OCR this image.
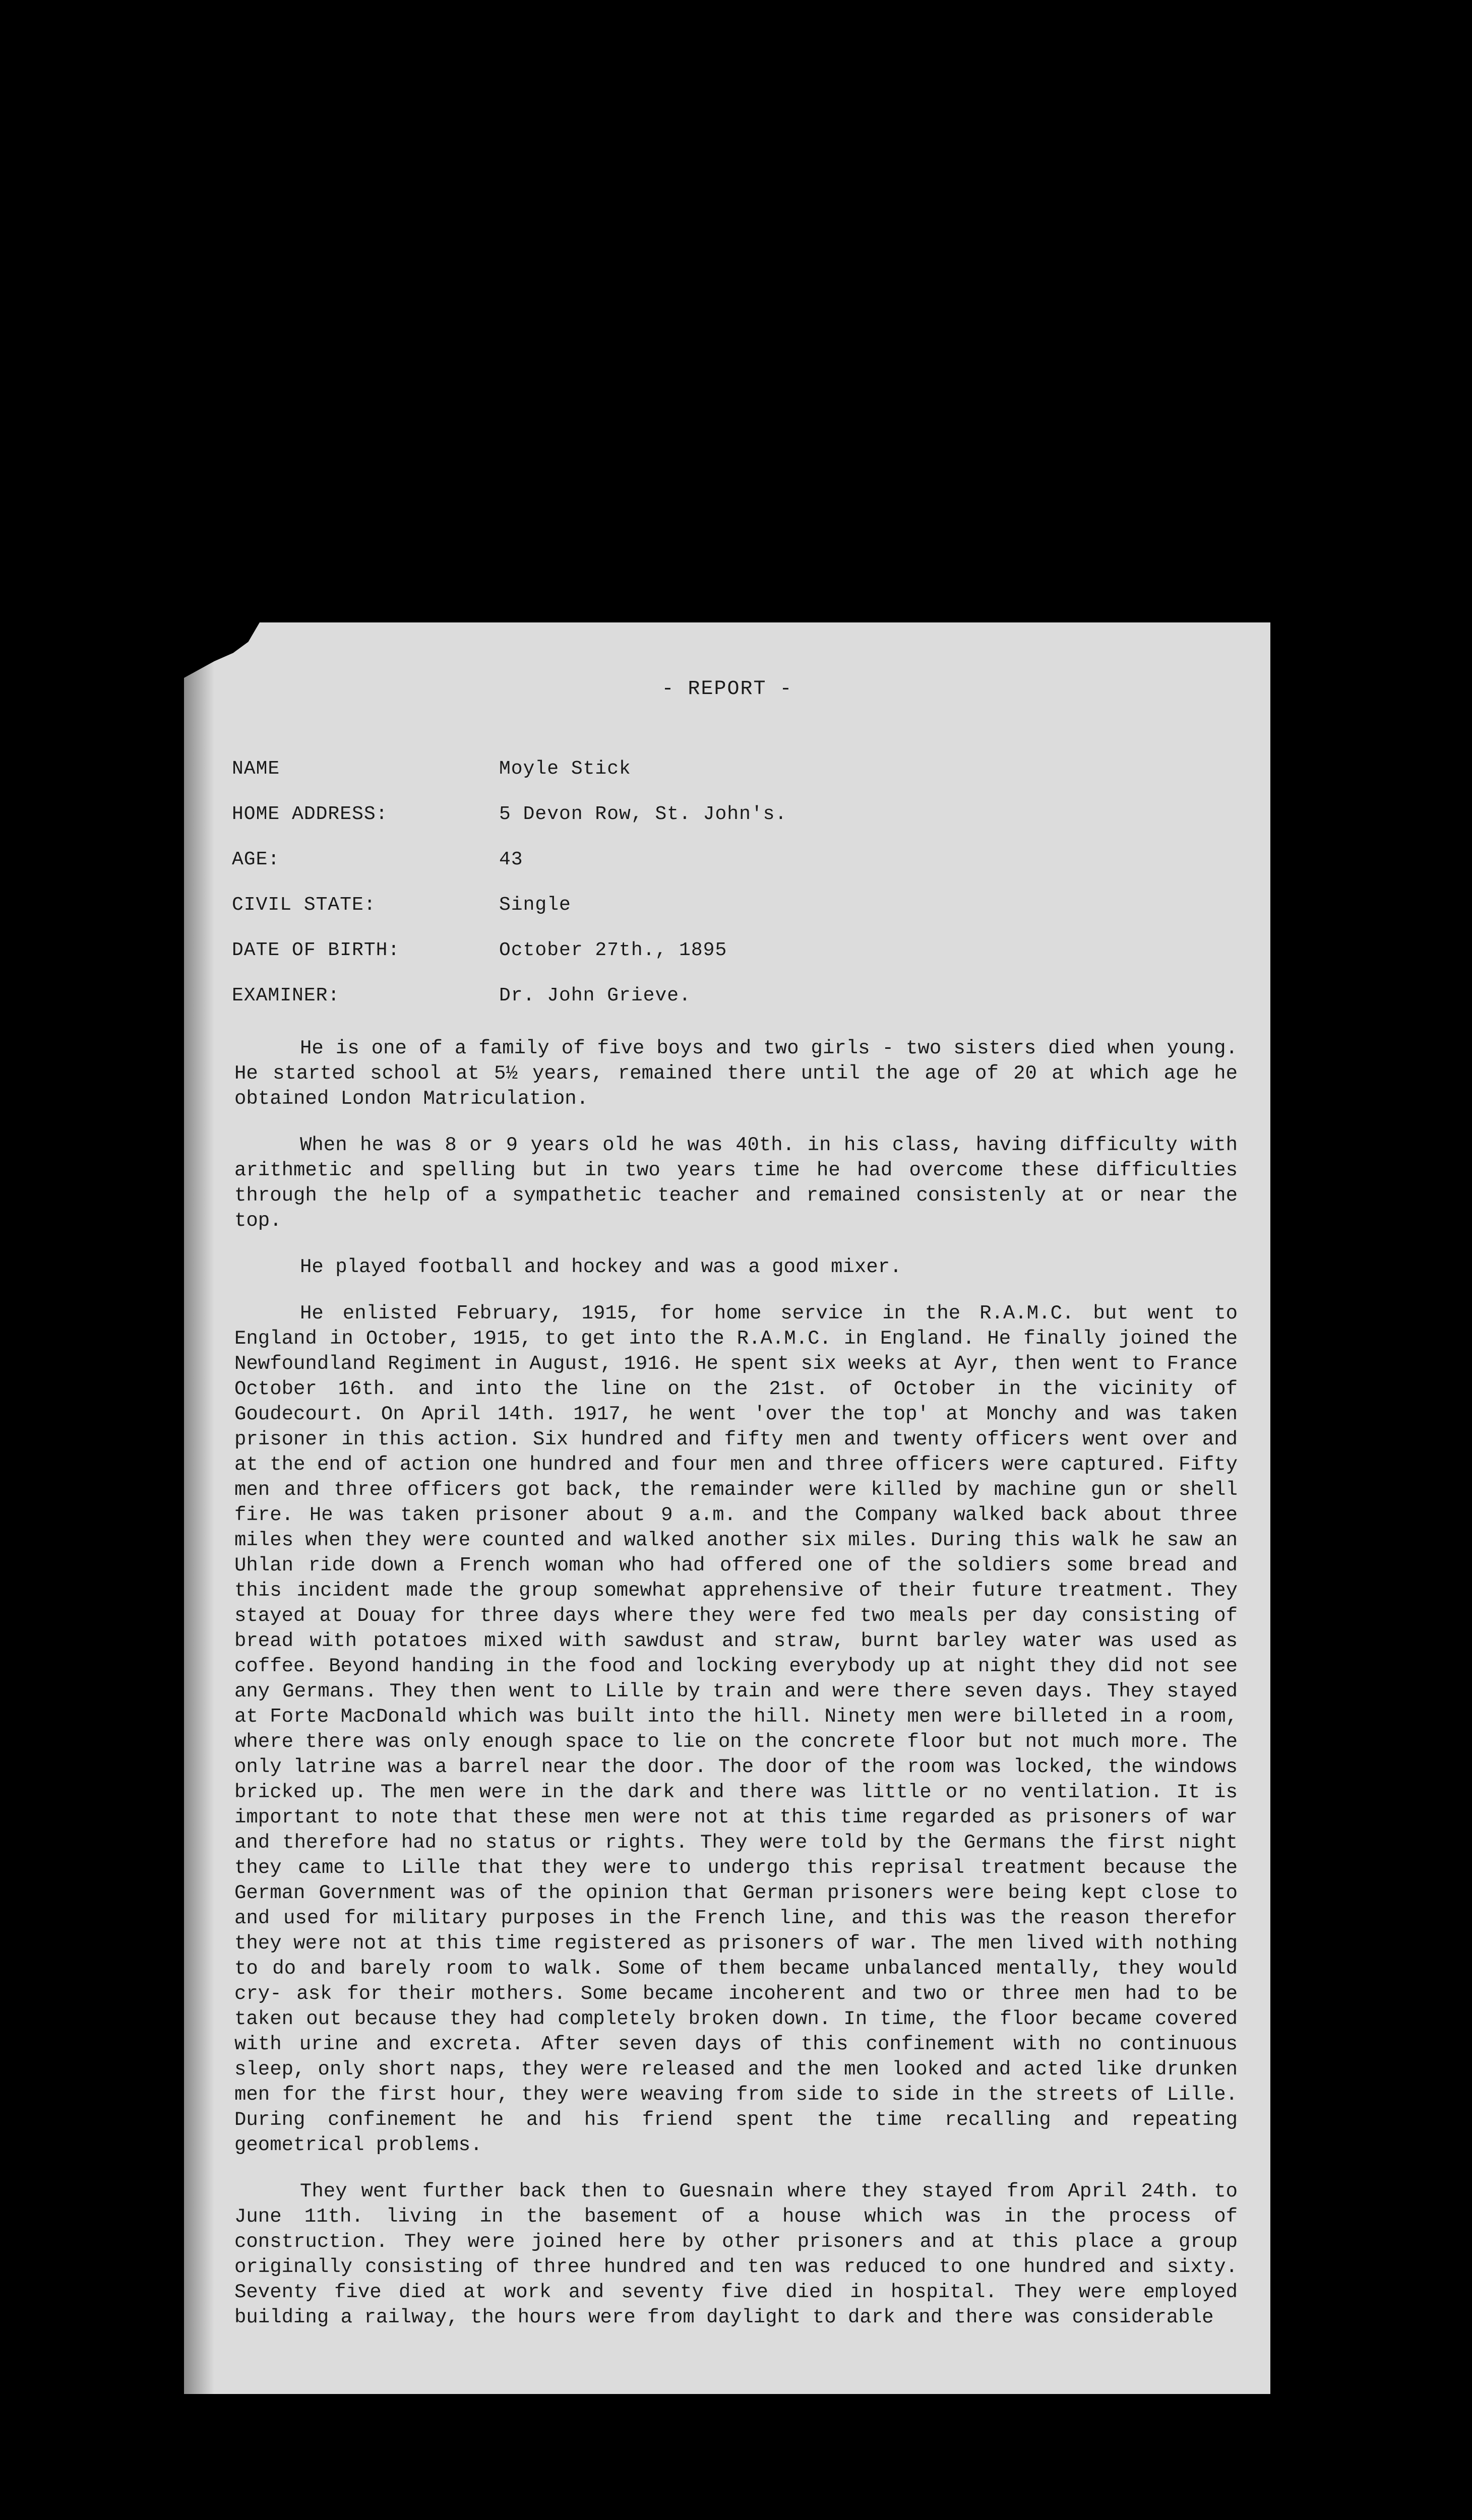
- REPORT -
NAME	Moyle Stick
HOME ADDRESS:	5 Devon Row, St. John's.
AGE:	43
CIVIL STATE:	Single
DATE OF BIRTH:	October 27th., 1895
EXAMINER:	Dr. John Grieve.

He is one of a family of five boys and two girls - two sisters died when young. He started school at 5½ years, remained there until the age of 20 at which age he obtained London Matriculation.

When he was 8 or 9 years old he was 40th. in his class, having difficulty with arithmetic and spelling but in two years time he had overcome these difficulties through the help of a sympathetic teacher and remained consistenly at or near the top.

He played football and hockey and was a good mixer.

He enlisted February, 1915, for home service in the R.A.M.C. but went to England in October, 1915, to get into the R.A.M.C. in England. He finally joined the Newfoundland Regiment in August, 1916. He spent six weeks at Ayr, then went to France October 16th. and into the line on the 21st. of October in the vicinity of Goudecourt. On April 14th. 1917, he went 'over the top' at Monchy and was taken prisoner in this action. Six hundred and fifty men and twenty officers went over and at the end of action one hundred and four men and three officers were captured. Fifty men and three officers got back, the remainder were killed by machine gun or shell fire. He was taken prisoner about 9 a.m. and the Company walked back about three miles when they were counted and walked another six miles. During this walk he saw an Uhlan ride down a French woman who had offered one of the soldiers some bread and this incident made the group somewhat apprehensive of their future treatment. They stayed at Douay for three days where they were fed two meals per day consisting of bread with potatoes mixed with sawdust and straw, burnt barley water was used as coffee. Beyond handing in the food and locking everybody up at night they did not see any Germans. They then went to Lille by train and were there seven days. They stayed at Forte MacDonald which was built into the hill. Ninety men were billeted in a room, where there was only enough space to lie on the concrete floor but not much more. The only latrine was a barrel near the door. The door of the room was locked, the windows bricked up. The men were in the dark and there was little or no ventilation. It is important to note that these men were not at this time regarded as prisoners of war and therefore had no status or rights. They were told by the Germans the first night they came to Lille that they were to undergo this reprisal treatment because the German Government was of the opinion that German prisoners were being kept close to and used for military purposes in the French line, and this was the reason therefor they were not at this time registered as prisoners of war. The men lived with nothing to do and barely room to walk. Some of them became unbalanced mentally, they would cry- ask for their mothers. Some became incoherent and two or three men had to be taken out because they had completely broken down. In time, the floor became covered with urine and excreta. After seven days of this confinement with no continuous sleep, only short naps, they were released and the men looked and acted like drunken men for the first hour, they were weaving from side to side in the streets of Lille. During confinement he and his friend spent the time recalling and repeating geometrical problems.

They went further back then to Guesnain where they stayed from April 24th. to June 11th. living in the basement of a house which was in the process of construction. They were joined here by other prisoners and at this place a group originally consisting of three hundred and ten was reduced to one hundred and sixty. Seventy five died at work and seventy five died in hospital. They were employed building a railway, the hours were from daylight to dark and there was considerable
